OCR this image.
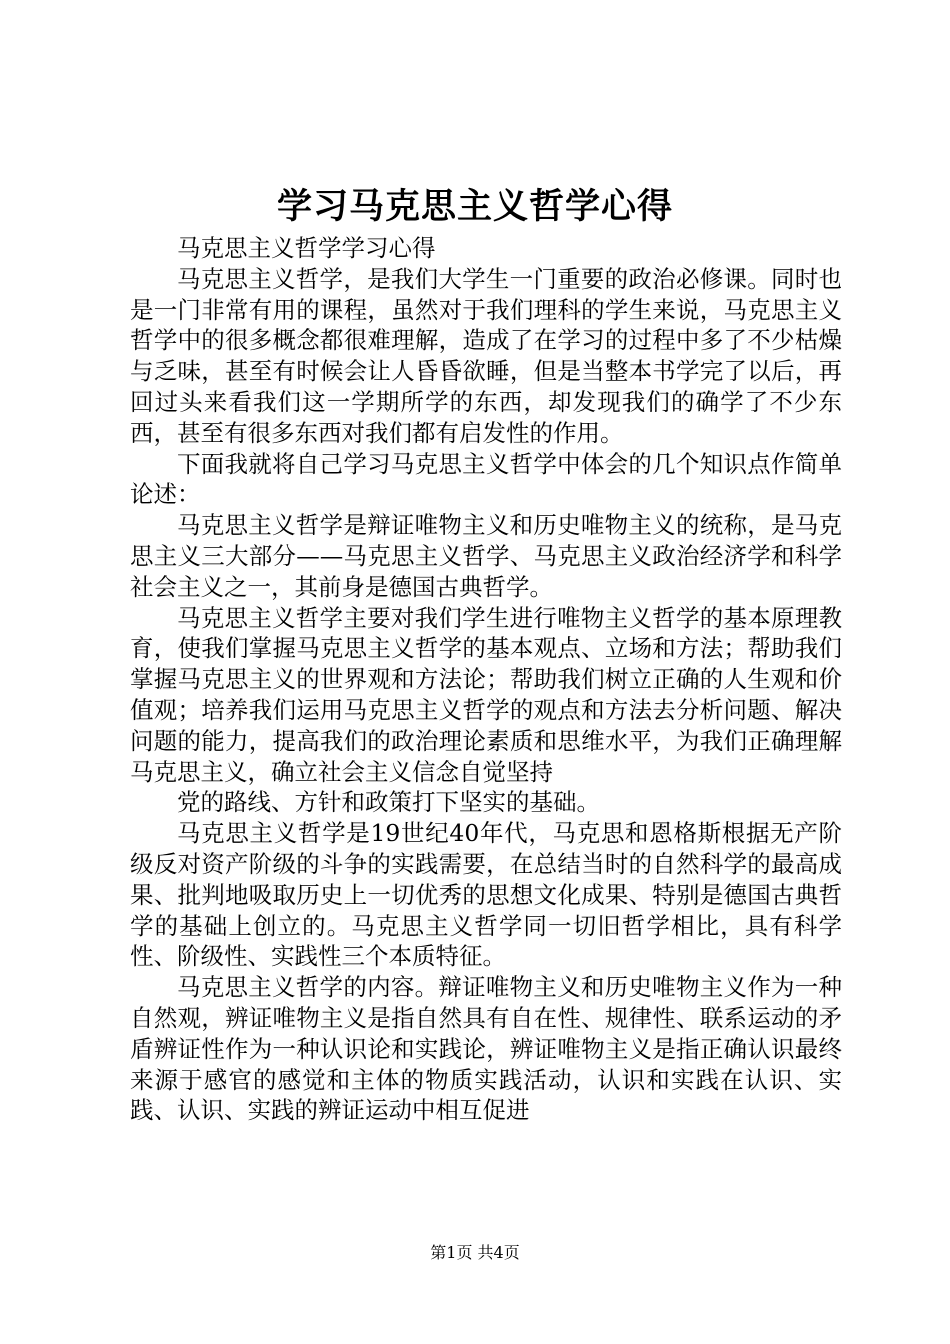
学习马克思主义哲学心得

马克思主义哲学学习心得

马克思主义哲学，是我们大学生一门重要的政治必修课。同时也是一门非常有用的课程，虽然对于我们理科的学生来说，马克思主义哲学中的很多概念都很难理解，造成了在学习的过程中多了不少枯燥与乏味，甚至有时候会让人昏昏欲睡，但是当整本书学完了以后，再回过头来看我们这一学期所学的东西，却发现我们的确学了不少东西，甚至有很多东西对我们都有启发性的作用。

下面我就将自己学习马克思主义哲学中体会的几个知识点作简单论述：

马克思主义哲学是辩证唯物主义和历史唯物主义的统称，是马克思主义三大部分——马克思主义哲学、马克思主义政治经济学和科学社会主义之一，其前身是德国古典哲学。

马克思主义哲学主要对我们学生进行唯物主义哲学的基本原理教育，使我们掌握马克思主义哲学的基本观点、立场和方法；帮助我们掌握马克思主义的世界观和方法论；帮助我们树立正确的人生观和价值观；培养我们运用马克思主义哲学的观点和方法去分析问题、解决问题的能力，提高我们的政治理论素质和思维水平，为我们正确理解马克思主义，确立社会主义信念自觉坚持

党的路线、方针和政策打下坚实的基础。

马克思主义哲学是19世纪40年代，马克思和恩格斯根据无产阶级反对资产阶级的斗争的实践需要，在总结当时的自然科学的最高成果、批判地吸取历史上一切优秀的思想文化成果、特别是德国古典哲学的基础上创立的。马克思主义哲学同一切旧哲学相比，具有科学性、阶级性、实践性三个本质特征。

马克思主义哲学的内容。辩证唯物主义和历史唯物主义作为一种自然观，辨证唯物主义是指自然具有自在性、规律性、联系运动的矛盾辨证性作为一种认识论和实践论，辨证唯物主义是指正确认识最终来源于感官的感觉和主体的物质实践活动，认识和实践在认识、实践、认识、实践的辨证运动中相互促进

第1页 共4页
